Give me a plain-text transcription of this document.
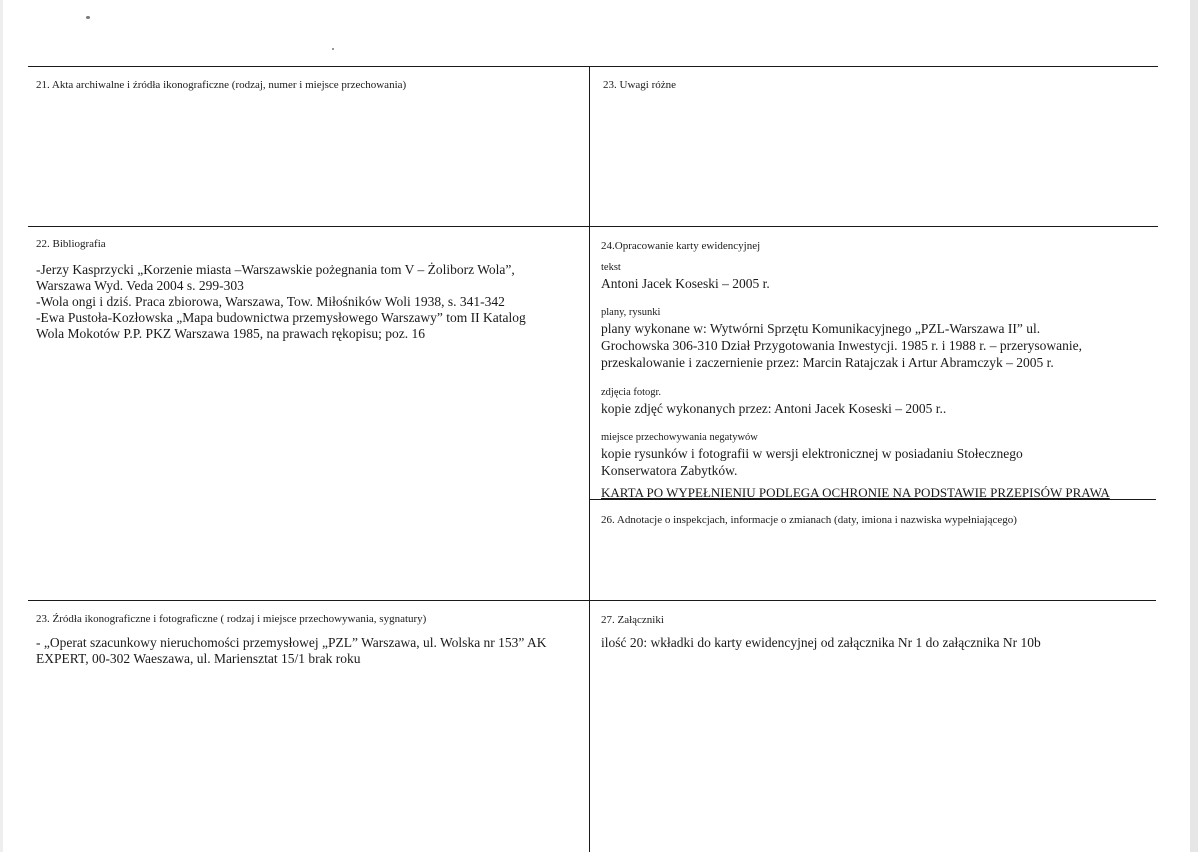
21. Akta archiwalne i źródła ikonograficzne (rodzaj, numer i miejsce przechowania)	23. Uwagi różne
22. Bibliografia
-Jerzy Kasprzycki „Korzenie miasta –Warszawskie pożegnania tom V – Żoliborz Wola”,
Warszawa Wyd. Veda 2004 s. 299-303
-Wola ongi i dziś. Praca zbiorowa, Warszawa, Tow. Miłośników Woli 1938, s. 341-342
-Ewa Pustoła-Kozłowska „Mapa budownictwa przemysłowego Warszawy” tom II Katalog
Wola Mokotów P.P. PKZ Warszawa 1985, na prawach rękopisu; poz. 16
24.Opracowanie karty ewidencyjnej
tekst
Antoni Jacek Koseski – 2005 r.
plany, rysunki
plany wykonane w: Wytwórni Sprzętu Komunikacyjnego „PZL-Warszawa II” ul.
Grochowska 306-310 Dział Przygotowania Inwestycji. 1985 r. i 1988 r. – przerysowanie,
przeskalowanie i zaczernienie przez: Marcin Ratajczak i Artur Abramczyk – 2005 r.
zdjęcia fotogr.
kopie zdjęć wykonanych przez: Antoni Jacek Koseski – 2005 r..
miejsce przechowywania negatywów
kopie rysunków i fotografii w wersji elektronicznej w posiadaniu Stołecznego
Konserwatora Zabytków.
KARTA PO WYPEŁNIENIU PODLEGA OCHRONIE NA PODSTAWIE PRZEPISÓW PRAWA
26. Adnotacje o inspekcjach, informacje o zmianach (daty, imiona i nazwiska wypełniającego)
23. Źródła ikonograficzne i fotograficzne ( rodzaj i miejsce przechowywania, sygnatury)
- „Operat szacunkowy nieruchomości przemysłowej „PZL” Warszawa, ul. Wolska nr 153” AK
EXPERT, 00-302 Waeszawa, ul. Mariensztat 15/1 brak roku
27. Załączniki
ilość 20: wkładki do karty ewidencyjnej od załącznika Nr 1 do załącznika Nr 10b
